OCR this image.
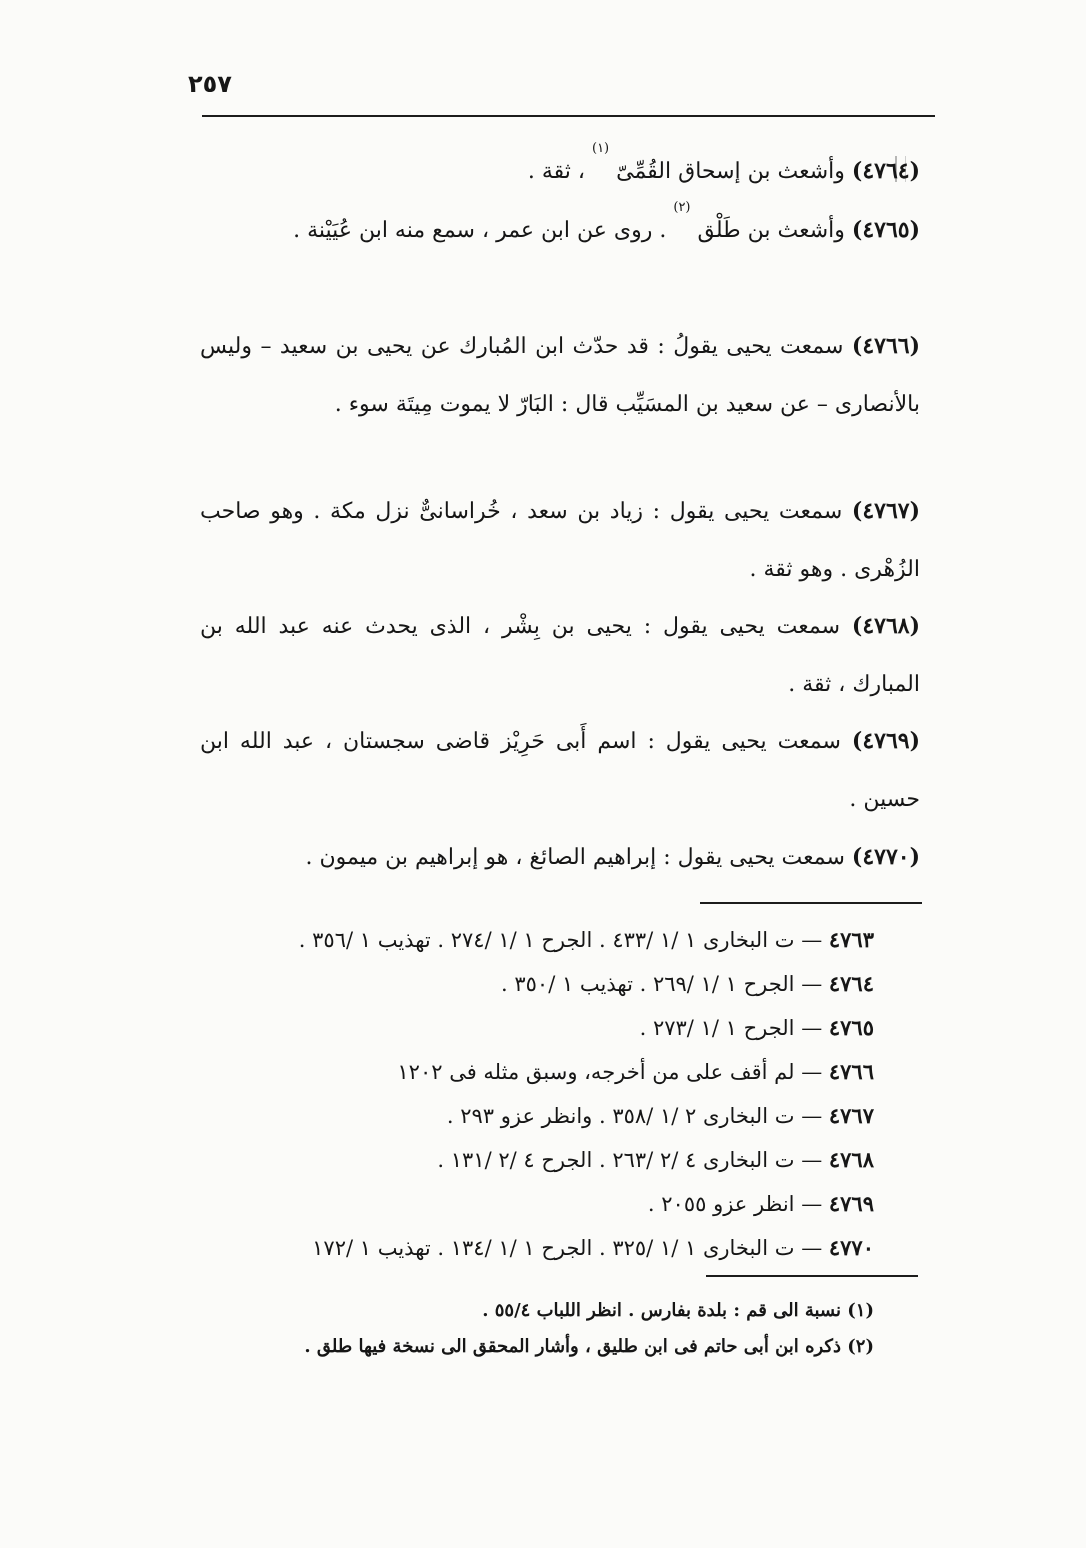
٢٥٧
(٤٧٦٤) وأشعث بن إسحاق القُمِّىّ $^{(١)}$ ، ثقة .
(٤٧٦٥) وأشعث بن طَلْق $^{(٢)}$ . روى عن ابن عمر ، سمع منه ابن عُيَيْنة .
(٤٧٦٦) سمعت يحيى يقولُ : قد حدّث ابن المُبارك عن يحيى بن سعيد – وليس بالأنصارى – عن سعيد بن المسَيِّب قال : البَارّ لا يموت مِيتَة سوء .
(٤٧٦٧) سمعت يحيى يقول : زياد بن سعد ، خُراسانىٌّ نزل مكة . وهو صاحب الزُهْرى . وهو ثقة .
(٤٧٦٨) سمعت يحيى يقول : يحيى بن بِشْر ، الذى يحدث عنه عبد الله بن المبارك ، ثقة .
(٤٧٦٩) سمعت يحيى يقول : اسم أَبى حَرِيْز قاضى سجستان ، عبد الله ابن حسين .
(٤٧٧٠) سمعت يحيى يقول : إبراهيم الصائغ ، هو إبراهيم بن ميمون .
٤٧٦٣ — ت البخارى ١ /١ /٤٣٣ . الجرح ١ /١ /٢٧٤ . تهذيب ١ /٣٥٦ .
٤٧٦٤ — الجرح ١ /١ /٢٦٩ . تهذيب ١ /٣٥٠ .
٤٧٦٥ — الجرح ١ /١ /٢٧٣ .
٤٧٦٦ — لم أقف على من أخرجه، وسبق مثله فى ١٢٠٢
٤٧٦٧ — ت البخارى ٢ /١ /٣٥٨ . وانظر عزو ٢٩٣ .
٤٧٦٨ — ت البخارى ٤ /٢ /٢٦٣ . الجرح ٤ /٢ /١٣١ .
٤٧٦٩ — انظر عزو ٢٠٥٥ .
٤٧٧٠ — ت البخارى ١ /١ /٣٢٥ . الجرح ١ /١ /١٣٤ . تهذيب ١ /١٧٢
(١) نسبة الى قم : بلدة بفارس . انظر اللباب ٥٥/٤ .
(٢) ذكره ابن أبى حاتم فى ابن طليق ، وأشار المحقق الى نسخة فيها طلق .
